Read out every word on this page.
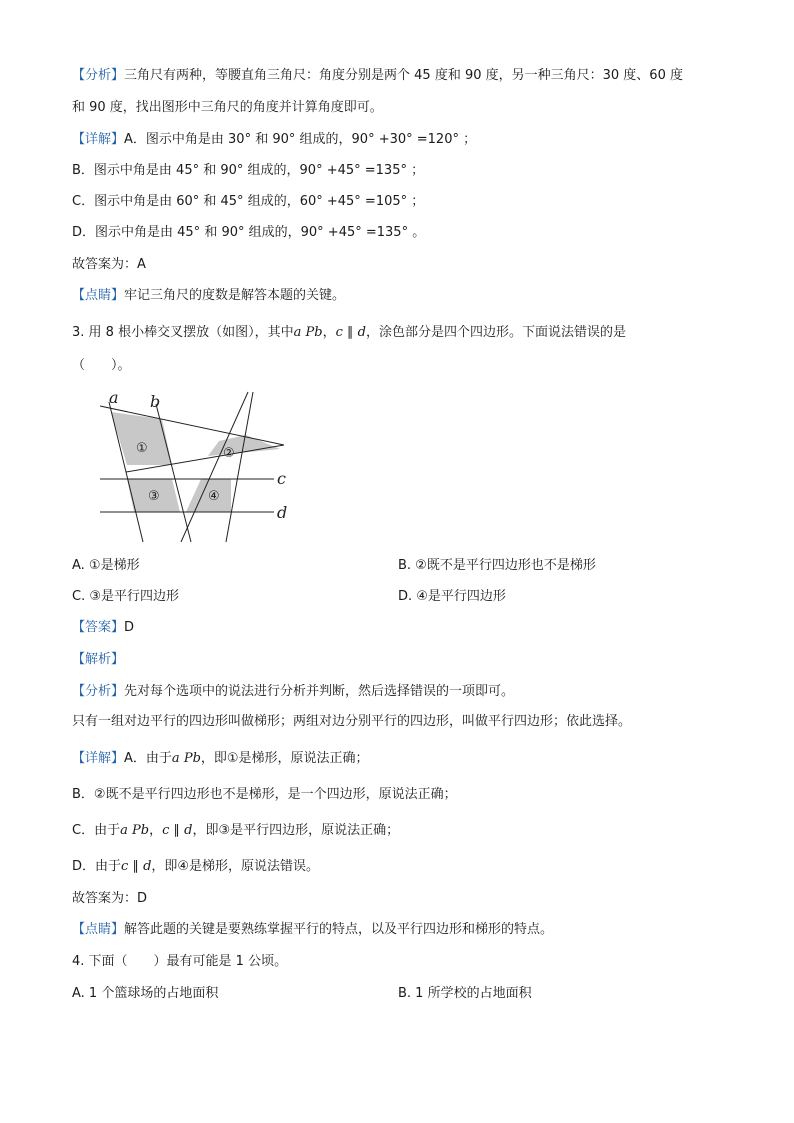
【分析】三角尺有两种，等腰直角三角尺：角度分别是两个 45 度和 90 度，另一种三角尺：30 度、60 度
和 90 度，找出图形中三角尺的角度并计算角度即可。
【详解】A．图示中角是由 30° 和 90° 组成的，90° +30° =120° ；
B．图示中角是由 45° 和 90° 组成的，90° +45° =135° ；
C．图示中角是由 60° 和 45° 组成的，60° +45° =105° ；
D．图示中角是由 45° 和 90° 组成的，90° +45° =135° 。
故答案为：A
【点睛】牢记三角尺的度数是解答本题的关键。
3. 用 8 根小棒交叉摆放（如图），其中a Pb，c ∥ d，涂色部分是四个四边形。下面说法错误的是
（　　）。
a b
c
d
①	②
③	④
A. ①是梯形	B. ②既不是平行四边形也不是梯形
C. ③是平行四边形	D. ④是平行四边形
【答案】D
【解析】
【分析】先对每个选项中的说法进行分析并判断，然后选择错误的一项即可。
只有一组对边平行的四边形叫做梯形；两组对边分别平行的四边形，叫做平行四边形；依此选择。
【详解】A．由于a Pb，即①是梯形，原说法正确；
B．②既不是平行四边形也不是梯形，是一个四边形，原说法正确；
C．由于a Pb，c ∥ d，即③是平行四边形，原说法正确；
D．由于c ∥ d，即④是梯形，原说法错误。
故答案为：D
【点睛】解答此题的关键是要熟练掌握平行的特点，以及平行四边形和梯形的特点。
4. 下面（　　）最有可能是 1 公顷。
A. 1 个篮球场的占地面积	B. 1 所学校的占地面积
